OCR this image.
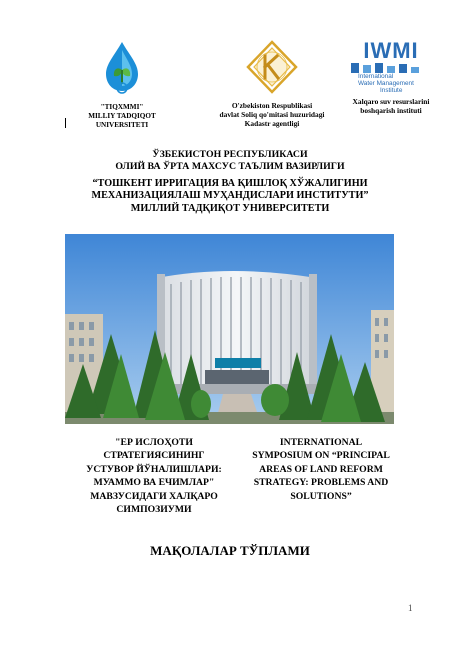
"TIQXMMI"
MILLIY TADQIQOT UNIVERSITETI
O'zbekiston Respublikasi
davlat Soliq qo'mitasi huzuridagi
Kadastr agentligi
IWMI
International
Water Management
Institute
Xalqaro suv resurslarini
boshqarish instituti
ЎЗБЕКИСТОН РЕСПУБЛИКАСИ
ОЛИЙ ВА ЎРТА МАХСУС ТАЪЛИМ ВАЗИРЛИГИ
“ТОШКЕНТ ИРРИГАЦИЯ ВА ҚИШЛОҚ ХЎЖАЛИГИНИ
МЕХАНИЗАЦИЯЛАШ МУҲАНДИСЛАРИ ИНСТИТУТИ”
МИЛЛИЙ ТАДҚИҚОТ УНИВЕРСИТЕТИ
"ЕР ИСЛОҲОТИ
СТРАТЕГИЯСИНИНГ
УСТУВОР ЙЎНАЛИШЛАРИ:
МУАММО ВА ЕЧИМЛАР"
МАВЗУСИДАГИ ХАЛҚАРО
СИМПОЗИУМИ
INTERNATIONAL
SYMPOSIUM ON “PRINCIPAL
AREAS OF LAND REFORM
STRATEGY: PROBLEMS AND
SOLUTIONS”
МАҚОЛАЛАР ТЎПЛАМИ
1
